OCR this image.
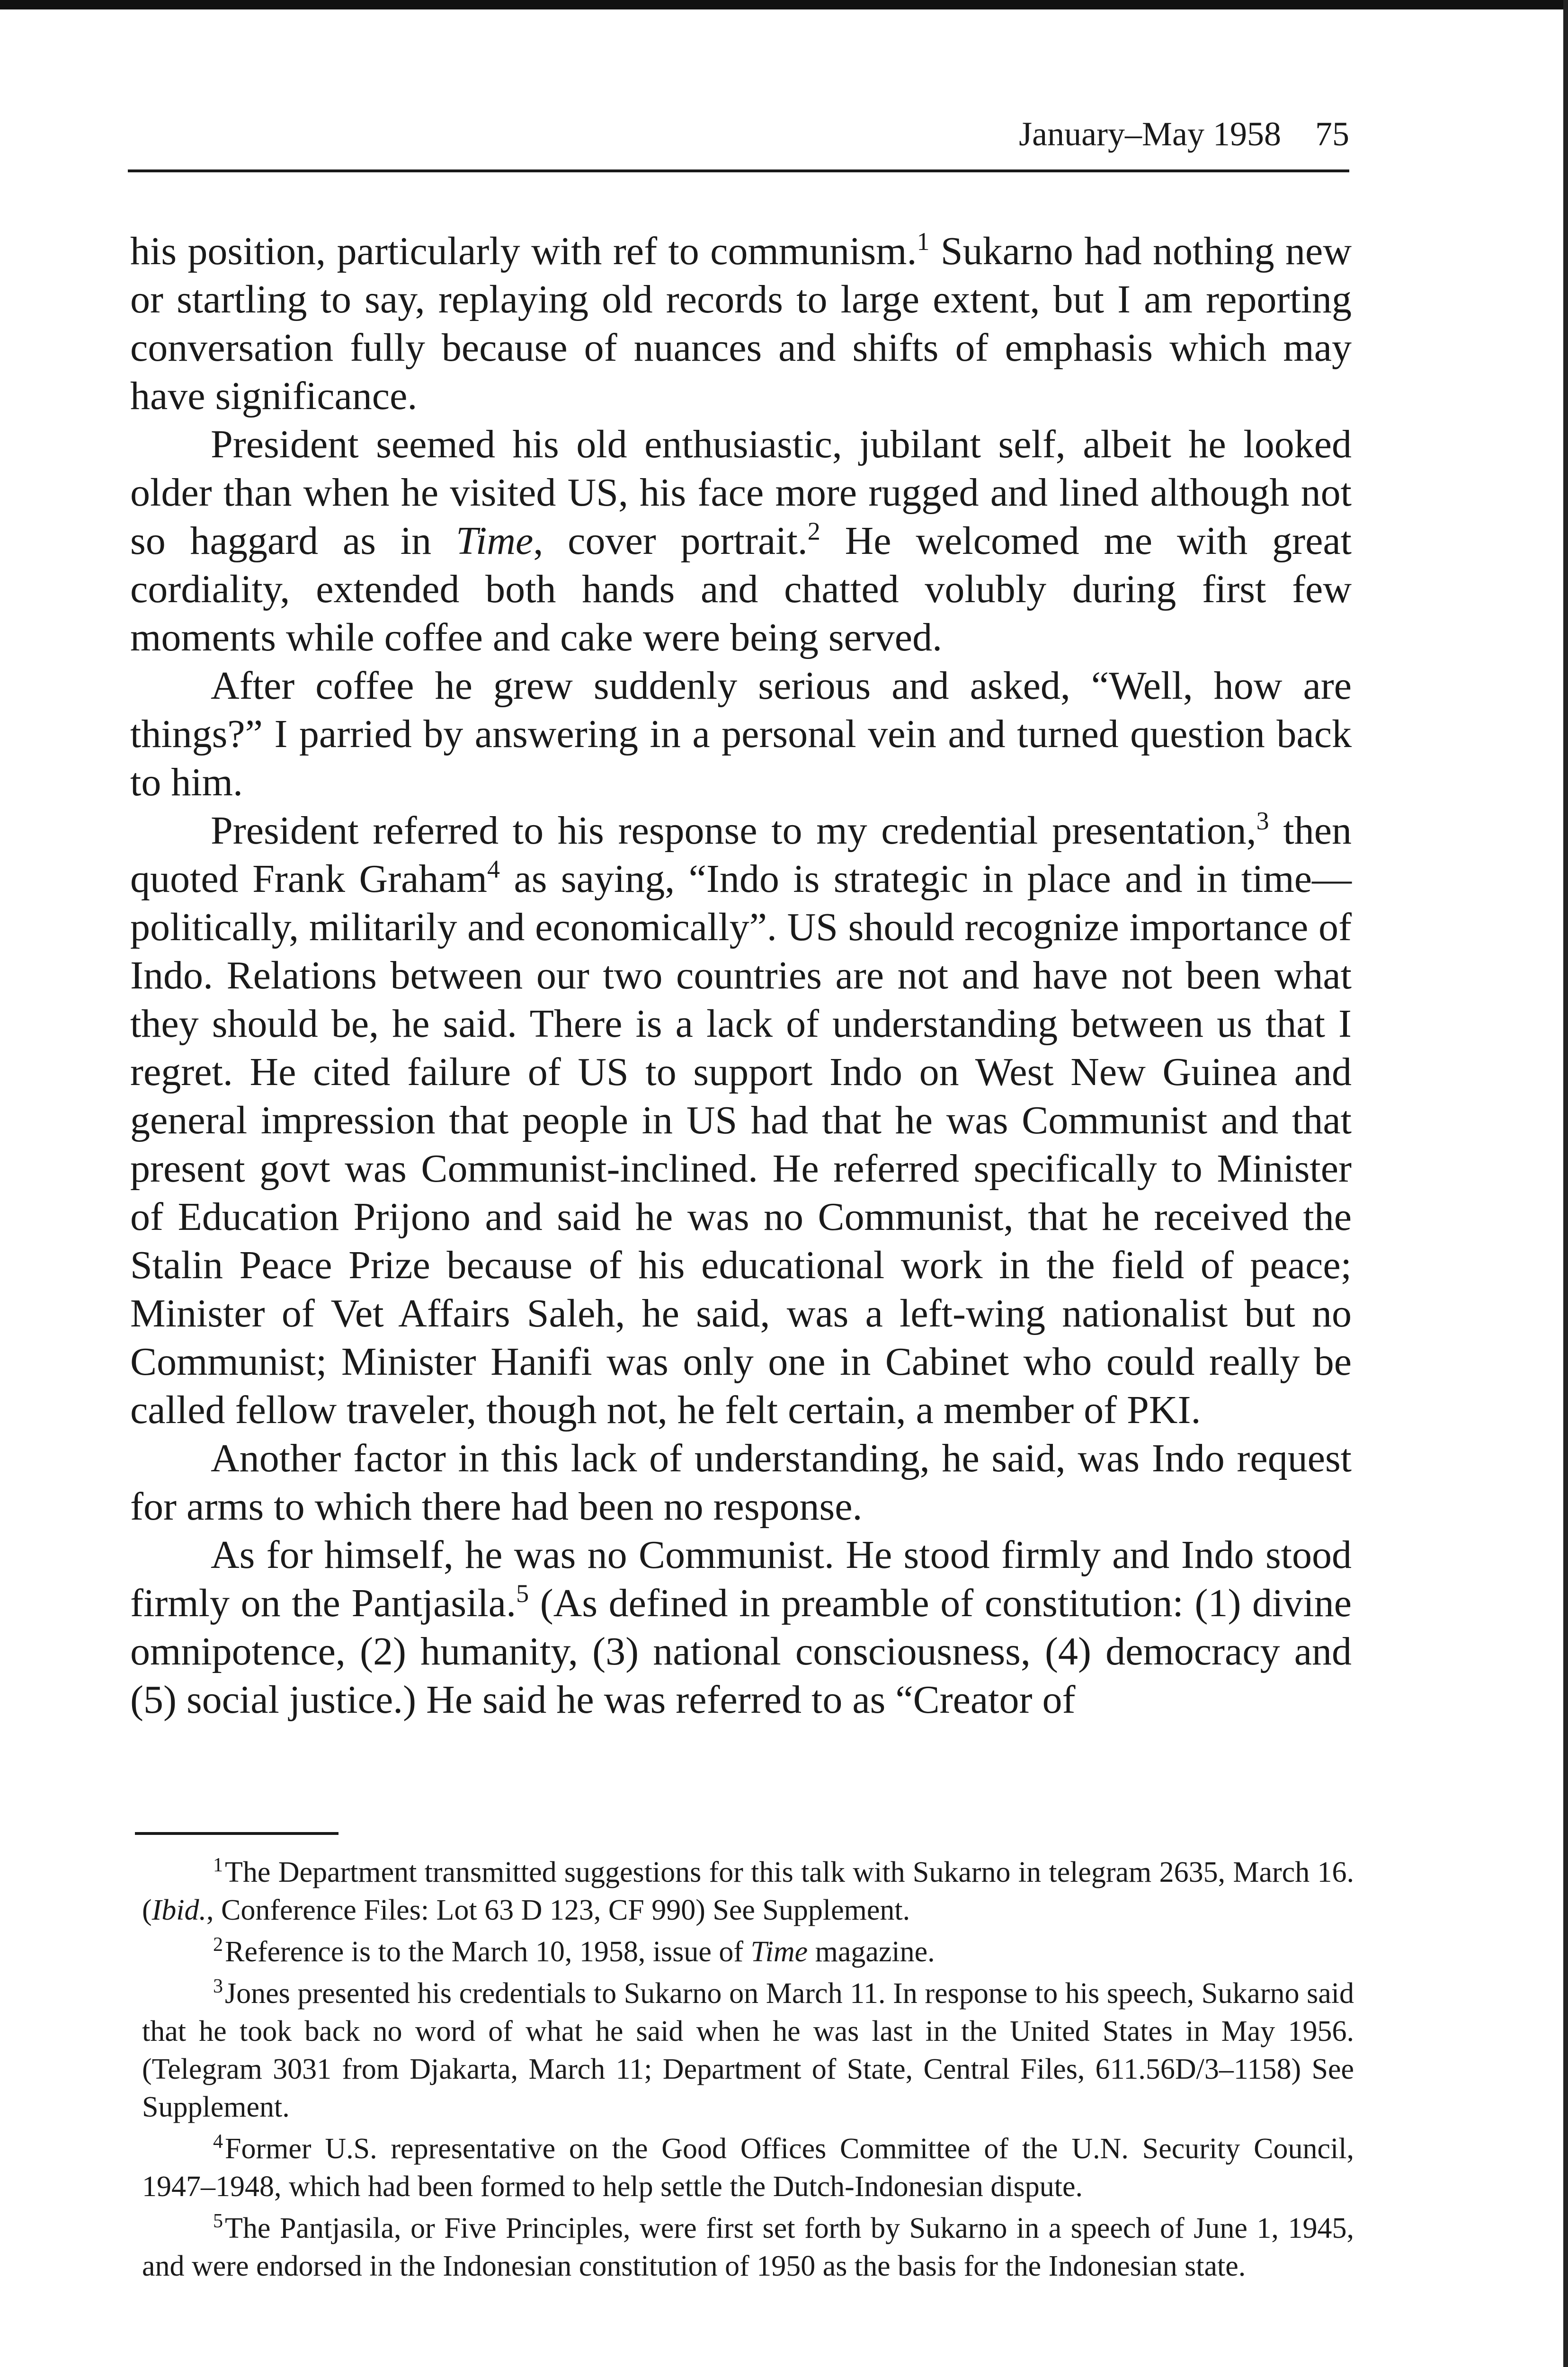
January–May 1958 75

his position, particularly with ref to communism.$^1$ Sukarno had nothing new or startling to say, replaying old records to large extent, but I am reporting conversation fully because of nuances and shifts of emphasis which may have significance.

President seemed his old enthusiastic, jubilant self, albeit he looked older than when he visited US, his face more rugged and lined although not so haggard as in Time, cover portrait.$^2$ He welcomed me with great cordiality, extended both hands and chatted volubly during first few moments while coffee and cake were being served.

After coffee he grew suddenly serious and asked, “Well, how are things?” I parried by answering in a personal vein and turned question back to him.

President referred to his response to my credential presentation,$^3$ then quoted Frank Graham$^4$ as saying, “Indo is strategic in place and in time—politically, militarily and economically”. US should recognize importance of Indo. Relations between our two countries are not and have not been what they should be, he said. There is a lack of understanding between us that I regret. He cited failure of US to support Indo on West New Guinea and general impression that people in US had that he was Communist and that present govt was Communist-inclined. He referred specifically to Minister of Education Prijono and said he was no Communist, that he received the Stalin Peace Prize because of his educational work in the field of peace; Minister of Vet Affairs Saleh, he said, was a left-wing nationalist but no Communist; Minister Hanifi was only one in Cabinet who could really be called fellow traveler, though not, he felt certain, a member of PKI.

Another factor in this lack of understanding, he said, was Indo request for arms to which there had been no response.

As for himself, he was no Communist. He stood firmly and Indo stood firmly on the Pantjasila.$^5$ (As defined in preamble of constitution: (1) divine omnipotence, (2) humanity, (3) national consciousness, (4) democracy and (5) social justice.) He said he was referred to as “Creator of

$^1$The Department transmitted suggestions for this talk with Sukarno in telegram 2635, March 16. (Ibid., Conference Files: Lot 63 D 123, CF 990) See Supplement.

$^2$Reference is to the March 10, 1958, issue of Time magazine.

$^3$Jones presented his credentials to Sukarno on March 11. In response to his speech, Sukarno said that he took back no word of what he said when he was last in the United States in May 1956. (Telegram 3031 from Djakarta, March 11; Department of State, Central Files, 611.56D/3–1158) See Supplement.

$^4$Former U.S. representative on the Good Offices Committee of the U.N. Security Council, 1947–1948, which had been formed to help settle the Dutch-Indonesian dispute.

$^5$The Pantjasila, or Five Principles, were first set forth by Sukarno in a speech of June 1, 1945, and were endorsed in the Indonesian constitution of 1950 as the basis for the Indonesian state.
